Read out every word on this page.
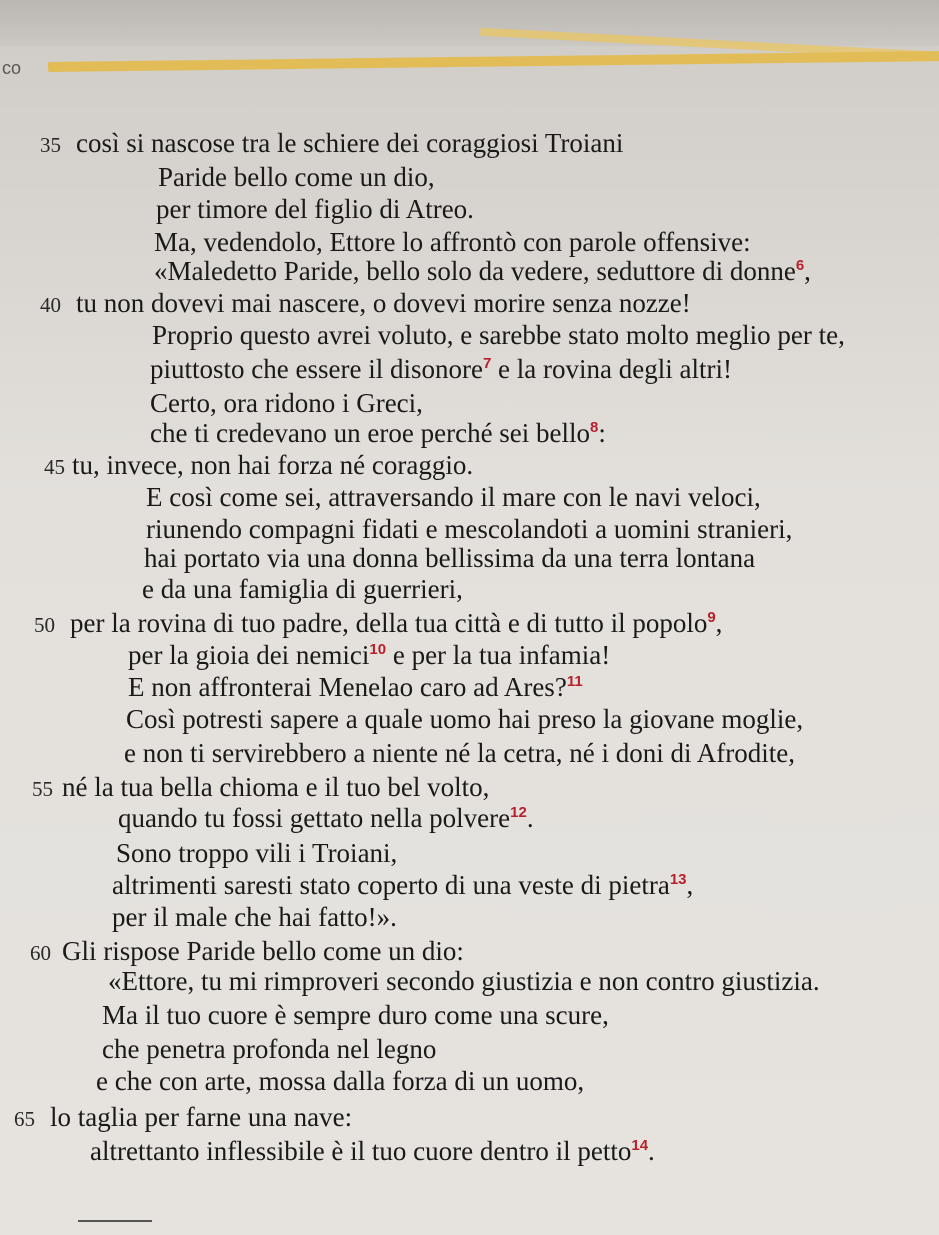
co
35 così si nascose tra le schiere dei coraggiosi Troiani
Paride bello come un dio,
per timore del figlio di Atreo.
Ma, vedendolo, Ettore lo affrontò con parole offensive:
«Maledetto Paride, bello solo da vedere, seduttore di donne$^6$,
40 tu non dovevi mai nascere, o dovevi morire senza nozze!
Proprio questo avrei voluto, e sarebbe stato molto meglio per te,
piuttosto che essere il disonore$^7$ e la rovina degli altri!
Certo, ora ridono i Greci,
che ti credevano un eroe perché sei bello$^8$:
45 tu, invece, non hai forza né coraggio.
E così come sei, attraversando il mare con le navi veloci,
riunendo compagni fidati e mescolandoti a uomini stranieri,
hai portato via una donna bellissima da una terra lontana
e da una famiglia di guerrieri,
50 per la rovina di tuo padre, della tua città e di tutto il popolo$^9$,
per la gioia dei nemici$^{10}$ e per la tua infamia!
E non affronterai Menelao caro ad Ares?$^{11}$
Così potresti sapere a quale uomo hai preso la giovane moglie,
e non ti servirebbero a niente né la cetra, né i doni di Afrodite,
55 né la tua bella chioma e il tuo bel volto,
quando tu fossi gettato nella polvere$^{12}$.
Sono troppo vili i Troiani,
altrimenti saresti stato coperto di una veste di pietra$^{13}$,
per il male che hai fatto!».
60 Gli rispose Paride bello come un dio:
«Ettore, tu mi rimproveri secondo giustizia e non contro giustizia.
Ma il tuo cuore è sempre duro come una scure,
che penetra profonda nel legno
e che con arte, mossa dalla forza di un uomo,
65 lo taglia per farne una nave:
altrettanto inflessibile è il tuo cuore dentro il petto$^{14}$.
